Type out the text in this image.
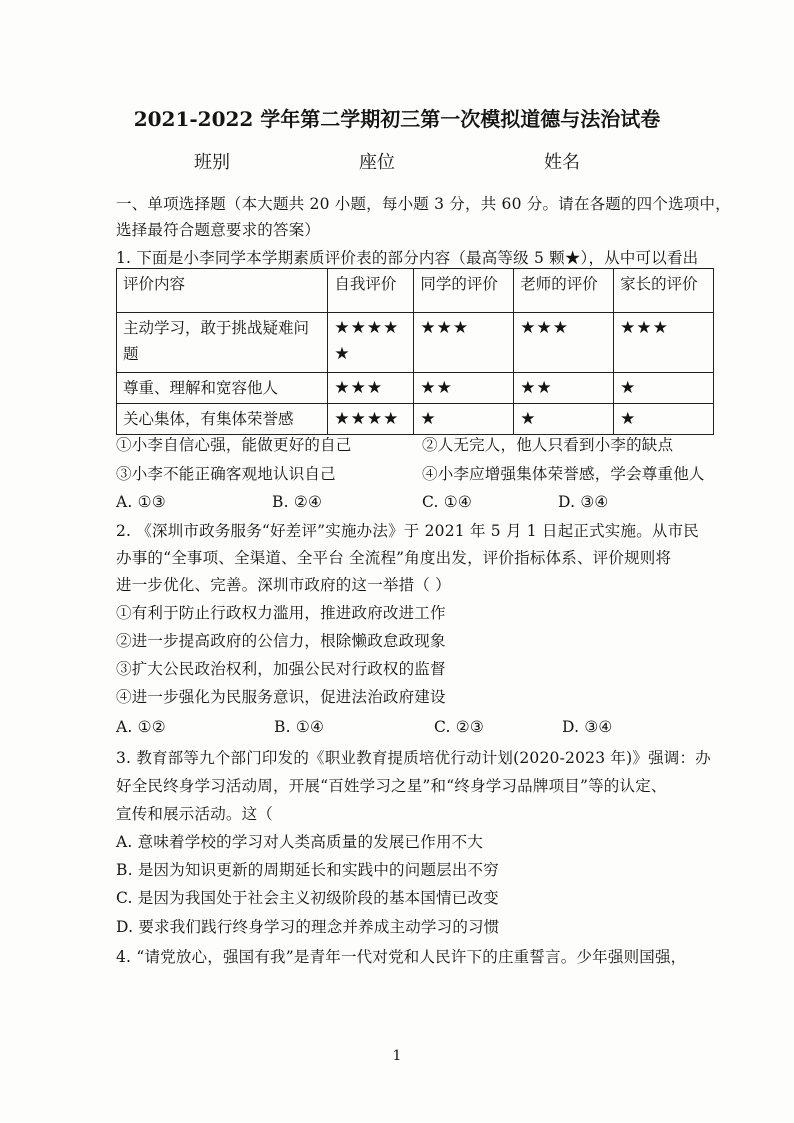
2021-2022 学年第二学期初三第一次模拟道德与法治试卷
班别	座位	姓名
一、单项选择题（本大题共 20 小题，每小题 3 分，共 60 分。请在各题的四个选项中，
选择最符合题意要求的答案）
1. 下面是小李同学本学期素质评价表的部分内容（最高等级 5 颗★），从中可以看出
评价内容	自我评价	同学的评价	老师的评价	家长的评价
主动学习，敢于挑战疑难问题	★★★★★	★★★	★★★	★★★
尊重、理解和宽容他人	★★★	★★	★★	★
关心集体，有集体荣誉感	★★★★	★	★	★
①小李自信心强，能做更好的自己	②人无完人，他人只看到小李的缺点
③小李不能正确客观地认识自己	④小李应增强集体荣誉感，学会尊重他人
A. ①③	B. ②④	C. ①④	D. ③④
2. 《深圳市政务服务“好差评”实施办法》于 2021 年 5 月 1 日起正式实施。从市民
办事的“全事项、全渠道、全平台 全流程”角度出发，评价指标体系、评价规则将
进一步优化、完善。深圳市政府的这一举措（ ）
①有利于防止行政权力滥用，推进政府改进工作
②进一步提高政府的公信力，根除懒政怠政现象
③扩大公民政治权利，加强公民对行政权的监督
④进一步强化为民服务意识，促进法治政府建设
A. ①②	B. ①④	C. ②③	D. ③④
3. 教育部等九个部门印发的《职业教育提质培优行动计划(2020-2023 年)》强调：办
好全民终身学习活动周，开展“百姓学习之星”和“终身学习品牌项目”等的认定、
宣传和展示活动。这（
A. 意味着学校的学习对人类高质量的发展已作用不大
B. 是因为知识更新的周期延长和实践中的问题层出不穷
C. 是因为我国处于社会主义初级阶段的基本国情已改变
D. 要求我们践行终身学习的理念并养成主动学习的习惯
4. “请党放心，强国有我”是青年一代对党和人民许下的庄重誓言。少年强则国强，
1
